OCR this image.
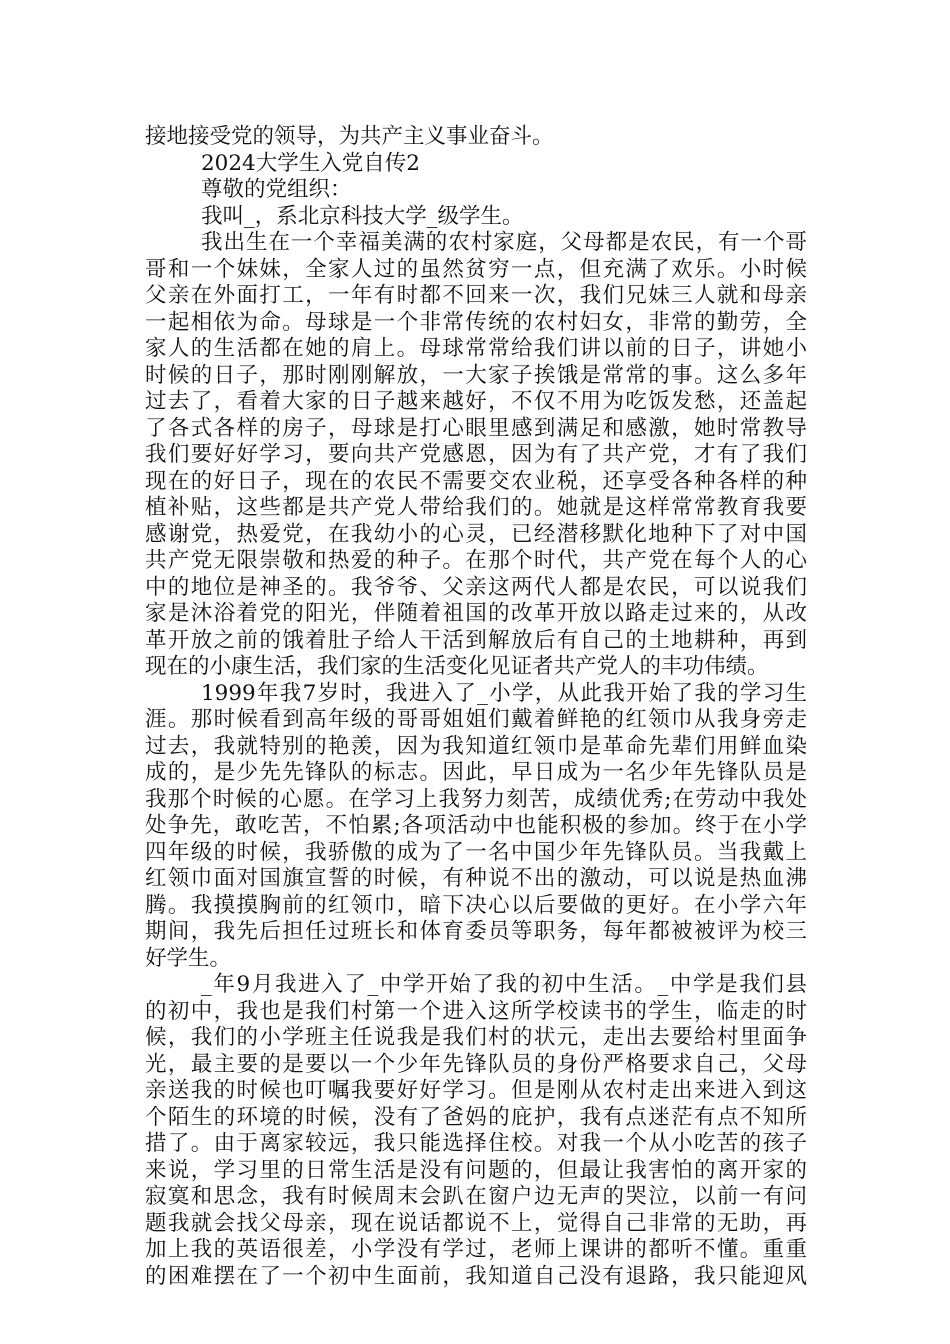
接地接受党的领导，为共产主义事业奋斗。
2024大学生入党自传2
尊敬的党组织：
我叫_，系北京科技大学_级学生。
我出生在一个幸福美满的农村家庭，父母都是农民，有一个哥
哥和一个妹妹，全家人过的虽然贫穷一点，但充满了欢乐。小时候
父亲在外面打工，一年有时都不回来一次，我们兄妹三人就和母亲
一起相依为命。母球是一个非常传统的农村妇女，非常的勤劳，全
家人的生活都在她的肩上。母球常常给我们讲以前的日子，讲她小
时候的日子，那时刚刚解放，一大家子挨饿是常常的事。这么多年
过去了，看着大家的日子越来越好，不仅不用为吃饭发愁，还盖起
了各式各样的房子，母球是打心眼里感到满足和感激，她时常教导
我们要好好学习，要向共产党感恩，因为有了共产党，才有了我们
现在的好日子，现在的农民不需要交农业税，还享受各种各样的种
植补贴，这些都是共产党人带给我们的。她就是这样常常教育我要
感谢党，热爱党，在我幼小的心灵，已经潜移默化地种下了对中国
共产党无限崇敬和热爱的种子。在那个时代，共产党在每个人的心
中的地位是神圣的。我爷爷、父亲这两代人都是农民，可以说我们
家是沐浴着党的阳光，伴随着祖国的改革开放以路走过来的，从改
革开放之前的饿着肚子给人干活到解放后有自己的土地耕种，再到
现在的小康生活，我们家的生活变化见证者共产党人的丰功伟绩。
1999年我7岁时，我进入了_小学，从此我开始了我的学习生
涯。那时候看到高年级的哥哥姐姐们戴着鲜艳的红领巾从我身旁走
过去，我就特别的艳羡，因为我知道红领巾是革命先辈们用鲜血染
成的，是少先先锋队的标志。因此，早日成为一名少年先锋队员是
我那个时候的心愿。在学习上我努力刻苦，成绩优秀;在劳动中我处
处争先，敢吃苦，不怕累;各项活动中也能积极的参加。终于在小学
四年级的时候，我骄傲的成为了一名中国少年先锋队员。当我戴上
红领巾面对国旗宣誓的时候，有种说不出的激动，可以说是热血沸
腾。我摸摸胸前的红领巾，暗下决心以后要做的更好。在小学六年
期间，我先后担任过班长和体育委员等职务，每年都被被评为校三
好学生。
_年9月我进入了_中学开始了我的初中生活。_中学是我们县
的初中，我也是我们村第一个进入这所学校读书的学生，临走的时
候，我们的小学班主任说我是我们村的状元，走出去要给村里面争
光，最主要的是要以一个少年先锋队员的身份严格要求自己，父母
亲送我的时候也叮嘱我要好好学习。但是刚从农村走出来进入到这
个陌生的环境的时候，没有了爸妈的庇护，我有点迷茫有点不知所
措了。由于离家较远，我只能选择住校。对我一个从小吃苦的孩子
来说，学习里的日常生活是没有问题的，但最让我害怕的离开家的
寂寞和思念，我有时候周末会趴在窗户边无声的哭泣，以前一有问
题我就会找父母亲，现在说话都说不上，觉得自己非常的无助，再
加上我的英语很差，小学没有学过，老师上课讲的都听不懂。重重
的困难摆在了一个初中生面前，我知道自己没有退路，我只能迎风
